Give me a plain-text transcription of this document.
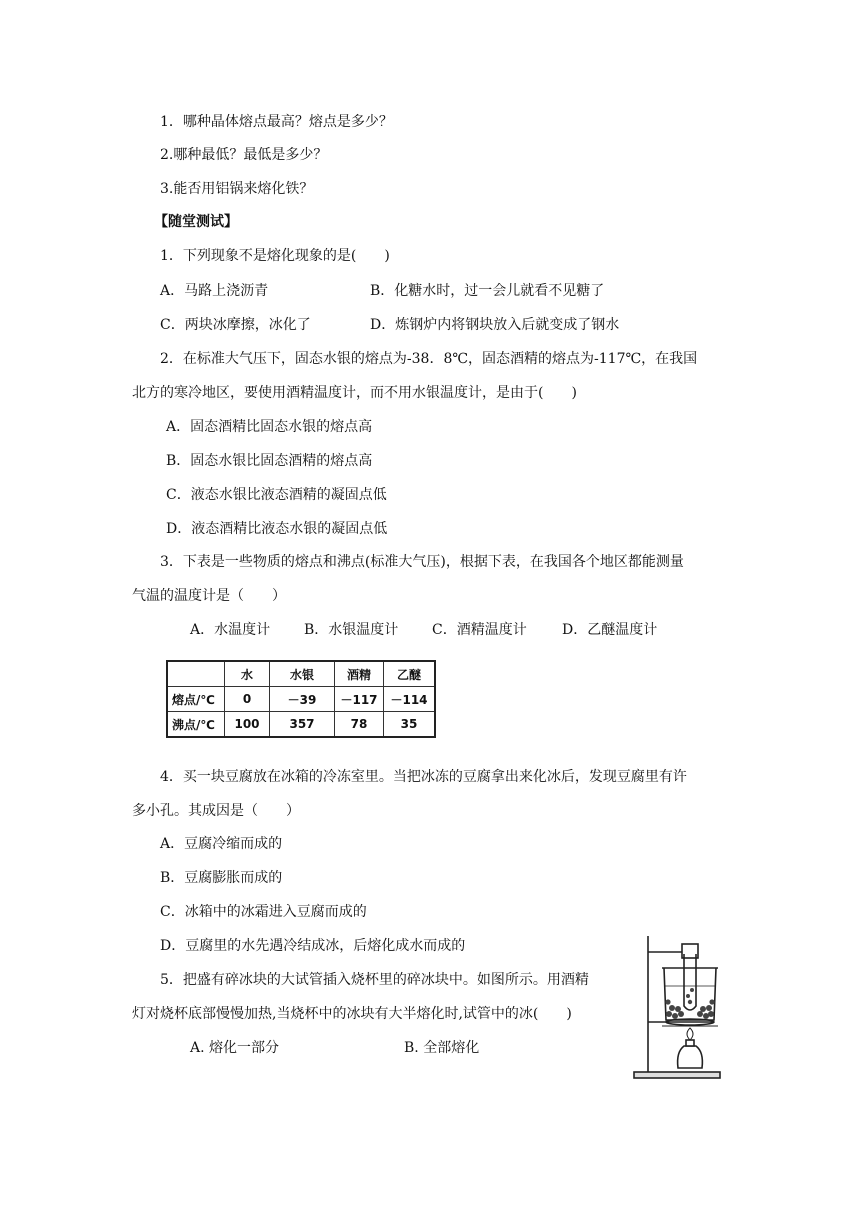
1．哪种晶体熔点最高？熔点是多少？
2.哪种最低？最低是多少？
3.能否用铝锅来熔化铁？
【随堂测试】
1．下列现象不是熔化现象的是(　　)
A．马路上浇沥青	B．化糖水时，过一会儿就看不见糖了
C．两块冰摩擦，冰化了	D．炼钢炉内将钢块放入后就变成了钢水
2．在标准大气压下，固态水银的熔点为-38．8℃，固态酒精的熔点为-117℃，在我国
北方的寒冷地区，要使用酒精温度计，而不用水银温度计，是由于(　　)
A．固态酒精比固态水银的熔点高
B．固态水银比固态酒精的熔点高
C．液态水银比液态酒精的凝固点低
D．液态酒精比液态水银的凝固点低
3．下表是一些物质的熔点和沸点(标准大气压)，根据下表，在我国各个地区都能测量
气温的温度计是（　　）
A．水温度计 B．水银温度计 C．酒精温度计	D．乙醚温度计
	水	水银	酒精	乙醚
熔点/℃	0	－39	－117	－114
沸点/℃	100	357	78	35
4．买一块豆腐放在冰箱的冷冻室里。当把冰冻的豆腐拿出来化冰后，发现豆腐里有许
多小孔。其成因是（　　）
A．豆腐冷缩而成的
B．豆腐膨胀而成的
C．冰箱中的冰霜进入豆腐而成的
D．豆腐里的水先遇冷结成冰，后熔化成水而成的
5．把盛有碎冰块的大试管插入烧杯里的碎冰块中。如图所示。用酒精
灯对烧杯底部慢慢加热,当烧杯中的冰块有大半熔化时,试管中的冰(　　)
A. 熔化一部分	B. 全部熔化
